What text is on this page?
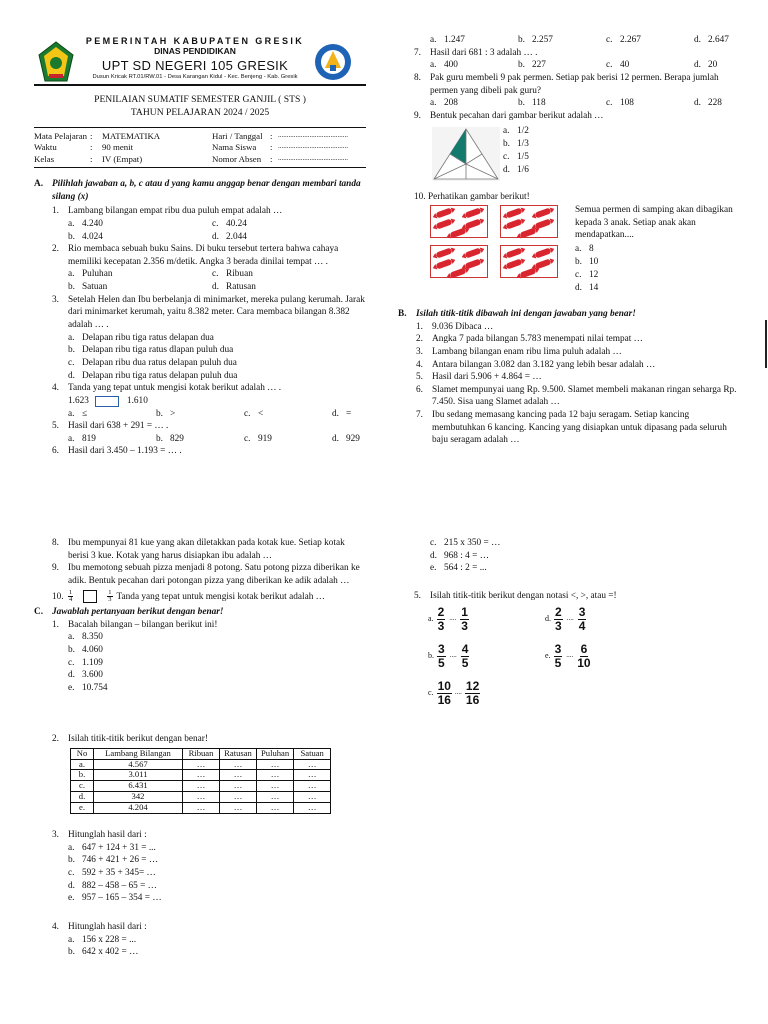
PEMERINTAH KABUPATEN GRESIK
DINAS PENDIDIKAN
UPT SD NEGERI 105 GRESIK
Dusun Kricak RT.01/RW.01 - Desa Karangan Kidul - Kec. Benjeng - Kab. Gresik
PENILAIAN SUMATIF SEMESTER GANJIL ( STS )
TAHUN PELAJARAN 2024 / 2025
Mata Pelajaran :	MATEMATIKA	Hari / Tanggal : ........................................
Waktu	:	90 menit	Nama Siswa	: ........................................
Kelas	:	IV (Empat)	Nomor Absen	: ........................................
A. Pilihlah jawaban a, b, c atau d yang kamu anggap benar dengan membari tanda silang (x)
1. Lambang bilangan empat ribu dua puluh empat adalah …
a. 4.240	c. 40.24
b. 4.024	d. 2.044
2. Rio membaca sebuah buku Sains. Di buku tersebut tertera bahwa cahaya memiliki kecepatan 2.356 m/detik. Angka 3 berada dinilai tempat … .
a. Puluhan	c. Ribuan
b. Satuan	d. Ratusan
3. Setelah Helen dan Ibu berbelanja di minimarket, mereka pulang kerumah. Jarak dari minimarket kerumah, yaitu 8.382 meter. Cara membaca bilangan 8.382 adalah … .
a. Delapan ribu tiga ratus delapan dua
b. Delapan ribu tiga ratus dlapan puluh dua
c. Delapan ribu dua ratus delapan puluh dua
d. Delapan ribu tiga ratus delapan puluh dua
4. Tanda yang tepat untuk mengisi kotak berikut adalah … .
1.623	1.610
a. ≤	b. >	c. <	d. =
5. Hasil dari 638 + 291 = … .
a. 819	b. 829	c. 919	d. 929
6. Hasil dari 3.450 – 1.193 = … .
a. 1.247	b. 2.257	c. 2.267	d. 2.647
7. Hasil dari 681 : 3 adalah … .
a. 400	b. 227	c. 40	d. 20
8. Pak guru membeli 9 pak permen. Setiap pak berisi 12 permen. Berapa jumlah permen yang dibeli pak guru?
a. 208	b. 118	c. 108	d. 228
9. Bentuk pecahan dari gambar berikut adalah …
a. 1/2
b. 1/3
c. 1/5
d. 1/6
10. Perhatikan gambar berikut!
Semua permen di samping akan dibagikan kepada 3 anak. Setiap anak akan mendapatkan....
a. 8
b. 10
c. 12
d. 14
B.	Isilah titik-titik dibawah ini dengan jawaban yang benar!
1. 9.036 Dibaca …
2. Angka 7 pada bilangan 5.783 menempati nilai tempat …
3. Lambang bilangan enam ribu lima puluh adalah …
4. Antara bilangan 3.082 dan 3.182 yang lebih besar adalah …
5. Hasil dari 5.906 + 4.864 = …
6. Slamet mempunyai uang Rp. 9.500. Slamet membeli makanan ringan seharga Rp. 7.450. Sisa uang Slamet adalah …
7. Ibu sedang memasang kancing pada 12 baju seragam. Setiap kancing membutuhkan 6 kancing. Kancing yang disiapkan untuk dipasang pada seluruh baju seragam adalah …
8. Ibu mempunyai 81 kue yang akan diletakkan pada kotak kue. Setiap kotak berisi 3 kue. Kotak yang harus disiapkan ibu adalah …
9. Ibu memotong sebuah pizza menjadi 8 potong. Satu potong pizza diberikan ke adik. Bentuk pecahan dari potongan pizza yang diberikan ke adik adalah …
10. $\frac{1}{4}$	$\frac{1}{3}$ Tanda yang tepat untuk mengisi kotak berikut adalah …
C. Jawablah pertanyaan berikut dengan benar!
1. Bacalah bilangan – bilangan berikut ini!
a. 8.350
b. 4.060
c. 1.109
d. 3.600
e. 10.754
2. Isilah titik-titik berikut dengan benar!
No	Lambang Bilangan	Ribuan	Ratusan	Puluhan	Satuan
a.	4.567	…	…	…	…
b.	3.011	…	…	…	…
c.	6.431	…	…	…	…
d.	342	…	…	…	…
e.	4.204	…	…	…	…
3. Hitunglah hasil dari :
a. 647 + 124 + 31 = ...
b. 746 + 421 + 26 = …
c. 592 + 35 + 345= …
d. 882 – 458 – 65 = …
e. 957 – 165 – 354 = …
4. Hitunglah hasil dari :
a. 156 x 228 = ...
b. 642 x 402 = …
c. 215 x 350 = …
d. 968 : 4 = …
e. 564 : 2 = ...
5. Isilah titik-titik berikut dengan notasi <, >, atau =!
a. $\frac{2}{3}$ .... $\frac{1}{3}$	d. $\frac{2}{3}$ .... $\frac{3}{4}$
b. $\frac{3}{5}$ .... $\frac{4}{5}$	e. $\frac{3}{5}$ .... $\frac{6}{10}$
c. $\frac{10}{16}$ .... $\frac{12}{16}$
